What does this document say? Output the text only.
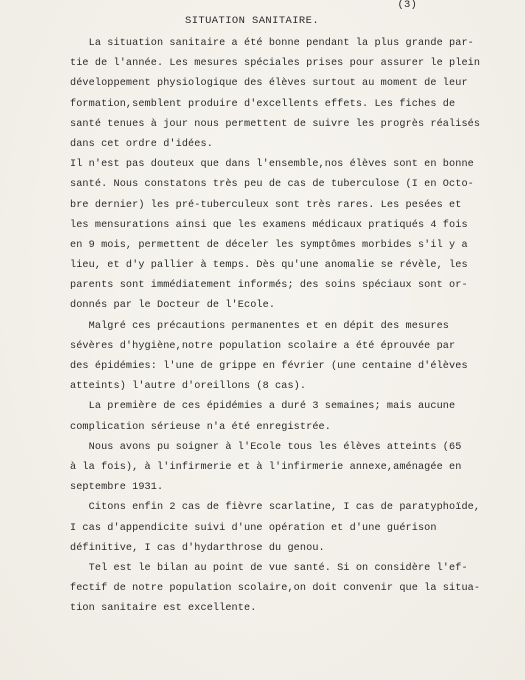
(3)
SITUATION SANITAIRE.
La situation sanitaire a été bonne pendant la plus grande par-
tie de l'année. Les mesures spéciales prises pour assurer le plein
développement physiologique des élèves surtout au moment de leur
formation,semblent produire d'excellents effets. Les fiches de
santé tenues à jour nous permettent de suivre les progrès réalisés
dans cet ordre d'idées.
Il n'est pas douteux que dans l'ensemble,nos élèves sont en bonne
santé. Nous constatons très peu de cas de tuberculose (I en Octo-
bre dernier) les pré-tuberculeux sont très rares. Les pesées et
les mensurations ainsi que les examens médicaux pratiqués 4 fois
en 9 mois, permettent de déceler les symptômes morbides s'il y a
lieu, et d'y pallier à temps. Dès qu'une anomalie se révèle, les
parents sont immédiatement informés; des soins spéciaux sont or-
donnés par le Docteur de l'Ecole.
Malgré ces précautions permanentes et en dépit des mesures
sévères d'hygiène,notre population scolaire a été éprouvée par
des épidémies: l'une de grippe en février (une centaine d'élèves
atteints) l'autre d'oreillons (8 cas).
La première de ces épidémies a duré 3 semaines; mais aucune
complication sérieuse n'a été enregistrée.
Nous avons pu soigner à l'Ecole tous les élèves atteints (65
à la fois), à l'infirmerie et à l'infirmerie annexe,aménagée en
septembre 1931.
Citons enfin 2 cas de fièvre scarlatine, I cas de paratyphoïde,
I cas d'appendicite suivi d'une opération et d'une guérison
définitive, I cas d'hydarthrose du genou.
Tel est le bilan au point de vue santé. Si on considère l'ef-
fectif de notre population scolaire,on doit convenir que la situa-
tion sanitaire est excellente.
